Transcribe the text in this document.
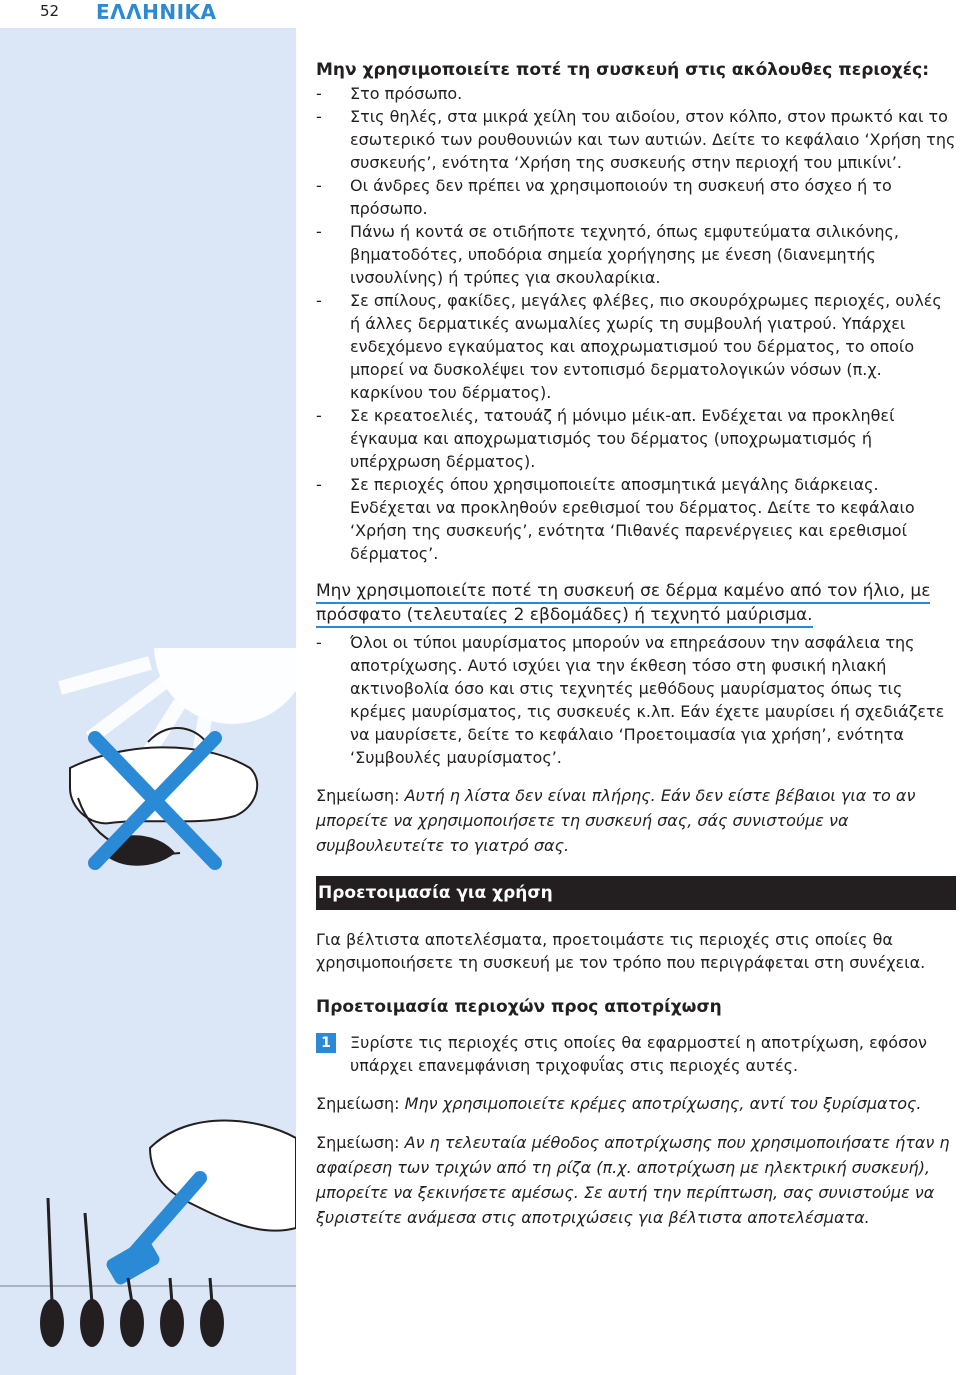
52 ΕΛΛΗΝΙΚΑ
Μην χρησιμοποιείτε ποτέ τη συσκευή στις ακόλουθες περιοχές:
- Στο πρόσωπο.
- Στις θηλές, στα μικρά χείλη του αιδοίου, στον κόλπο, στον πρωκτό και το εσωτερικό των ρουθουνιών και των αυτιών. Δείτε το κεφάλαιο ‘Χρήση της συσκευής’, ενότητα ‘Χρήση της συσκευής στην περιοχή του μπικίνι’.
- Οι άνδρες δεν πρέπει να χρησιμοποιούν τη συσκευή στο όσχεο ή το πρόσωπο.
- Πάνω ή κοντά σε οτιδήποτε τεχνητό, όπως εμφυτεύματα σιλικόνης, βηματοδότες, υποδόρια σημεία χορήγησης με ένεση (διανεμητής ινσουλίνης) ή τρύπες για σκουλαρίκια.
- Σε σπίλους, φακίδες, μεγάλες φλέβες, πιο σκουρόχρωμες περιοχές, ουλές ή άλλες δερματικές ανωμαλίες χωρίς τη συμβουλή γιατρού. Υπάρχει ενδεχόμενο εγκαύματος και αποχρωματισμού του δέρματος, το οποίο μπορεί να δυσκολέψει τον εντοπισμό δερματολογικών νόσων (π.χ. καρκίνου του δέρματος).
- Σε κρεατοελιές, τατουάζ ή μόνιμο μέικ-απ. Ενδέχεται να προκληθεί έγκαυμα και αποχρωματισμός του δέρματος (υποχρωματισμός ή υπέρχρωση δέρματος).
- Σε περιοχές όπου χρησιμοποιείτε αποσμητικά μεγάλης διάρκειας. Ενδέχεται να προκληθούν ερεθισμοί του δέρματος. Δείτε το κεφάλαιο ‘Χρήση της συσκευής’, ενότητα ‘Πιθανές παρενέργειες και ερεθισμοί δέρματος’.
Μην χρησιμοποιείτε ποτέ τη συσκευή σε δέρμα καμένο από τον ήλιο, με πρόσφατο (τελευταίες 2 εβδομάδες) ή τεχνητό μαύρισμα.
- Όλοι οι τύποι μαυρίσματος μπορούν να επηρεάσουν την ασφάλεια της αποτρίχωσης. Αυτό ισχύει για την έκθεση τόσο στη φυσική ηλιακή ακτινοβολία όσο και στις τεχνητές μεθόδους μαυρίσματος όπως τις κρέμες μαυρίσματος, τις συσκευές κ.λπ. Εάν έχετε μαυρίσει ή σχεδιάζετε να μαυρίσετε, δείτε το κεφάλαιο ‘Προετοιμασία για χρήση’, ενότητα ‘Συμβουλές μαυρίσματος’.

Σημείωση: Αυτή η λίστα δεν είναι πλήρης. Εάν δεν είστε βέβαιοι για το αν μπορείτε να χρησιμοποιήσετε τη συσκευή σας, σάς συνιστούμε να συμβουλευτείτε το γιατρό σας.

Προετοιμασία για χρήση

Για βέλτιστα αποτελέσματα, προετοιμάστε τις περιοχές στις οποίες θα χρησιμοποιήσετε τη συσκευή με τον τρόπο που περιγράφεται στη συνέχεια.

Προετοιμασία περιοχών προς αποτρίχωση
1	Ξυρίστε τις περιοχές στις οποίες θα εφαρμοστεί η αποτρίχωση, εφόσον υπάρχει επανεμφάνιση τριχοφυΐας στις περιοχές αυτές.

Σημείωση: Μην χρησιμοποιείτε κρέμες αποτρίχωσης, αντί του ξυρίσματος.

Σημείωση: Αν η τελευταία μέθοδος αποτρίχωσης που χρησιμοποιήσατε ήταν η αφαίρεση των τριχών από τη ρίζα (π.χ. αποτρίχωση με ηλεκτρική συσκευή), μπορείτε να ξεκινήσετε αμέσως. Σε αυτή την περίπτωση, σας συνιστούμε να ξυριστείτε ανάμεσα στις αποτριχώσεις για βέλτιστα αποτελέσματα.
